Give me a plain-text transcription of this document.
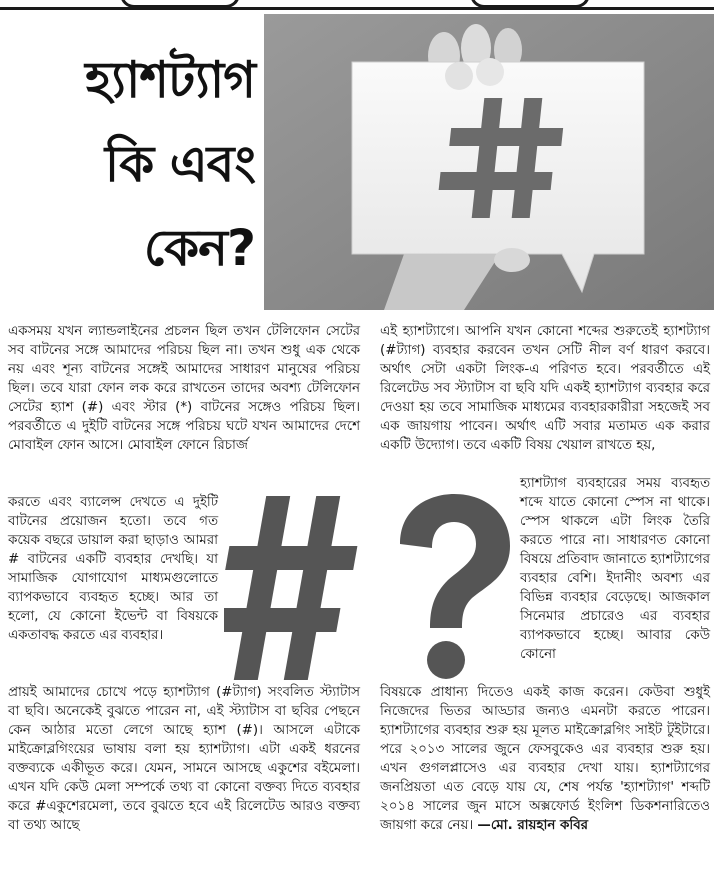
হ্যাশট্যাগ
কি এবং
কেন?

একসময় যখন ল্যান্ডলাইনের প্রচলন ছিল তখন টেলিফোন সেটের সব বাটনের সঙ্গে আমাদের পরিচয় ছিল না। তখন শুধু এক থেকে নয় এবং শূন্য বাটনের সঙ্গেই আমাদের সাধারণ মানুষের পরিচয় ছিল। তবে যারা ফোন লক করে রাখতেন তাদের অবশ্য টেলিফোন সেটের হ্যাশ (#) এবং স্টার (*) বাটনের সঙ্গেও পরিচয় ছিল। পরবর্তীতে এ দুইটি বাটনের সঙ্গে পরিচয় ঘটে যখন আমাদের দেশে মোবাইল ফোন আসে। মোবাইল ফোনে রিচার্জ

করতে এবং ব্যালেন্স দেখতে এ দুইটি বাটনের প্রয়োজন হতো। তবে গত কয়েক বছরে ডায়াল করা ছাড়াও আমরা # বাটনের একটি ব্যবহার দেখছি। যা সামাজিক যোগাযোগ মাধ্যমগুলোতে ব্যাপকভাবে ব্যবহৃত হচ্ছে। আর তা হলো, যে কোনো ইভেন্ট বা বিষয়কে একতাবদ্ধ করতে এর ব্যবহার।

প্রায়ই আমাদের চোখে পড়ে হ্যাশট্যাগ (#ট্যাগ) সংবলিত স্ট্যাটাস বা ছবি। অনেকেই বুঝতে পারেন না, এই স্ট্যাটাস বা ছবির পেছনে কেন আঠার মতো লেগে আছে হ্যাশ (#)। আসলে এটাকে মাইক্রোব্লগিংয়ের ভাষায় বলা হয় হ্যাশট্যাগ। এটা একই ধরনের বক্তব্যকে একীভূত করে। যেমন, সামনে আসছে একুশের বইমেলা। এখন যদি কেউ মেলা সম্পর্কে তথ্য বা কোনো বক্তব্য দিতে ব্যবহার করে #একুশেরমেলা, তবে বুঝতে হবে এই রিলেটেড আরও বক্তব্য বা তথ্য আছে

এই হ্যাশট্যাগে। আপনি যখন কোনো শব্দের শুরুতেই হ্যাশট্যাগ (#ট্যাগ) ব্যবহার করবেন তখন সেটি নীল বর্ণ ধারণ করবে। অর্থাৎ সেটা একটা লিংক-এ পরিণত হবে। পরবর্তীতে এই রিলেটেড সব স্ট্যাটাস বা ছবি যদি একই হ্যাশট্যাগ ব্যবহার করে দেওয়া হয় তবে সামাজিক মাধ্যমের ব্যবহারকারীরা সহজেই সব এক জায়গায় পাবেন। অর্থাৎ এটি সবার মতামত এক করার একটি উদ্যোগ। তবে একটি বিষয় খেয়াল রাখতে হয়,

হ্যাশট্যাগ ব্যবহারের সময় ব্যবহৃত শব্দে যাতে কোনো স্পেস না থাকে। স্পেস থাকলে এটা লিংক তৈরি করতে পারে না। সাধারণত কোনো বিষয়ে প্রতিবাদ জানাতে হ্যাশট্যাগের ব্যবহার বেশি। ইদানীং অবশ্য এর বিভিন্ন ব্যবহার বেড়েছে। আজকাল সিনেমার প্রচারেও এর ব্যবহার ব্যাপকভাবে হচ্ছে। আবার কেউ কোনো

বিষয়কে প্রাধান্য দিতেও একই কাজ করেন। কেউবা শুধুই নিজেদের ভিতর আড্ডার জন্যও এমনটা করতে পারেন। হ্যাশট্যাগের ব্যবহার শুরু হয় মূলত মাইক্রোব্লগিং সাইট টুইটারে। পরে ২০১৩ সালের জুনে ফেসবুকেও এর ব্যবহার শুরু হয়। এখন গুগলপ্লাসেও এর ব্যবহার দেখা যায়। হ্যাশট্যাগের জনপ্রিয়তা এত বেড়ে যায় যে, শেষ পর্যন্ত 'হ্যাশট্যাগ' শব্দটি ২০১৪ সালের জুন মাসে অক্সফোর্ড ইংলিশ ডিকশনারিতেও জায়গা করে নেয়। —মো. রায়হান কবির
